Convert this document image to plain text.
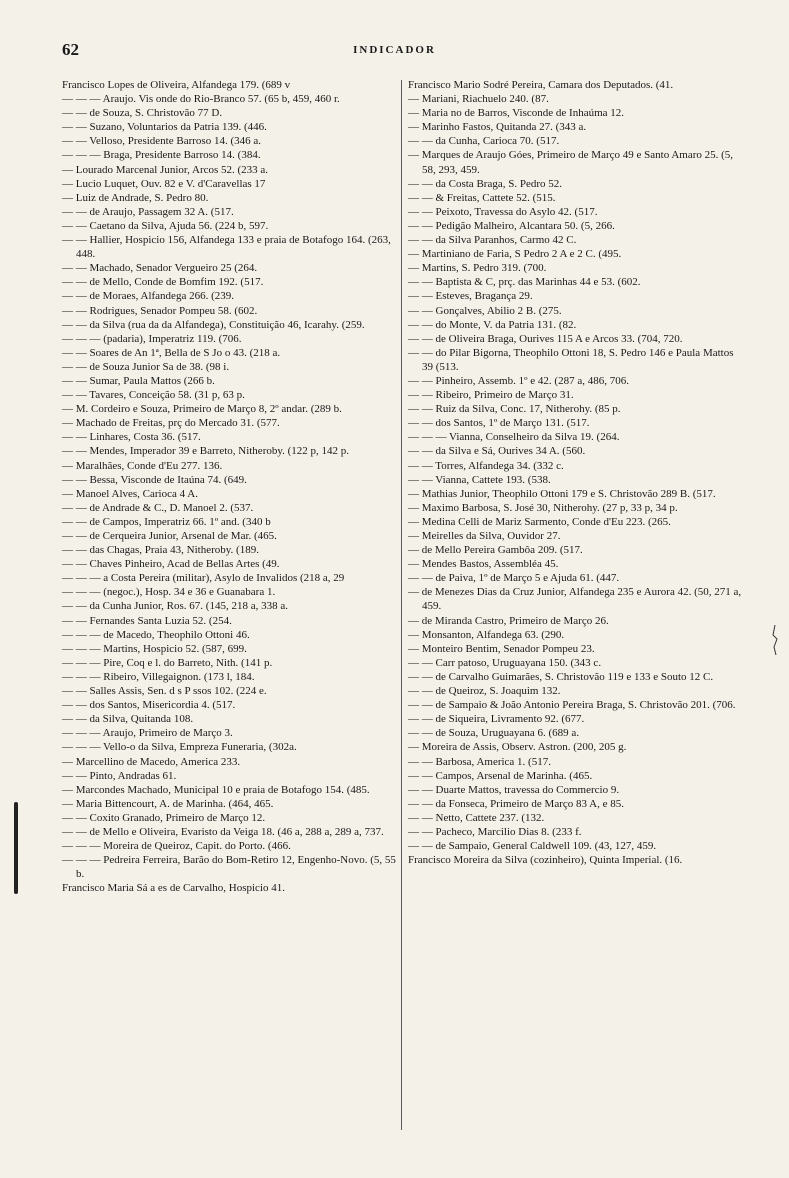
62	INDICADOR

Francisco Lopes de Oliveira, Alfandega 179. (689 v

— — — Araujo. Vis onde do Rio-Branco 57. (65 b, 459, 460 r.

— — de Souza, S. Christovão 77 D.

— — Suzano, Voluntarios da Patria 139. (446.

— — Velloso, Presidente Barroso 14. (346 a.

— — — Braga, Presidente Barroso 14. (384.

— Lourado Marcenal Junior, Arcos 52. (233 a.

— Lucio Luquet, Ouv. 82 e V. d'Caravellas 17

— Luiz de Andrade, S. Pedro 80.

— — de Araujo, Passagem 32 A. (517.

— — Caetano da Silva, Ajuda 56. (224 b, 597.

— — Hallier, Hospicio 156, Alfandega 133 e praia de Botafogo 164. (263, 448.

— — Machado, Senador Vergueiro 25 (264.

— — de Mello, Conde de Bomfim 192. (517.

— — de Moraes, Alfandega 266. (239.

— — Rodrigues, Senador Pompeu 58. (602.

— — da Silva (rua da da Alfandega), Constituição 46, Icarahy. (259.

— — — (padaria), Imperatriz 119. (706.

— — Soares de An 1ª, Bella de S Jo o 43. (218 a.

— — de Souza Junior Sa de 38. (98 i.

— — Sumar, Paula Mattos (266 b.

— — Tavares, Conceição 58. (31 p, 63 p.

— M. Cordeiro e Souza, Primeiro de Março 8, 2º andar. (289 b.

— Machado de Freitas, prç do Mercado 31. (577.

— — Linhares, Costa 36. (517.

— — Mendes, Imperador 39 e Barreto, Nitheroby. (122 p, 142 p.

— Maralhães, Conde d'Eu 277. 136.

— — Bessa, Visconde de Itaúna 74. (649.

— Manoel Alves, Carioca 4 A.

— — de Andrade & C., D. Manoel 2. (537.

— — de Campos, Imperatriz 66. 1º and. (340 b

— — de Cerqueira Junior, Arsenal de Mar. (465.

— — das Chagas, Praia 43, Nitheroby. (189.

— — Chaves Pinheiro, Acad de Bellas Artes (49.

— — — a Costa Pereira (militar), Asylo de Invalidos (218 a, 29

— — — (negoc.), Hosp. 34 e 36 e Guanabara 1.

— — da Cunha Junior, Ros. 67. (145, 218 a, 338 a.

— — Fernandes Santa Luzia 52. (254.

— — — de Macedo, Theophilo Ottoni 46.

— — — Martins, Hospicio 52. (587, 699.

— — — Pire, Coq e l. do Barreto, Nith. (141 p.

— — — Ribeiro, Villegaignon. (173 l, 184.

— — Salles Assis, Sen. d s P ssos 102. (224 e.

— — dos Santos, Misericordia 4. (517.

— — da Silva, Quitanda 108.

— — — Araujo, Primeiro de Março 3.

— — — Vello-o da Silva, Empreza Funeraria, (302a.

— Marcellino de Macedo, America 233.

— — Pinto, Andradas 61.

— Marcondes Machado, Municipal 10 e praia de Botafogo 154. (485.

— Maria Bittencourt, A. de Marinha. (464, 465.

— — Coxito Granado, Primeiro de Março 12.

— — de Mello e Oliveira, Evaristo da Veiga 18. (46 a, 288 a, 289 a, 737.

— — — Moreira de Queiroz, Capit. do Porto. (466.

— — — Pedreira Ferreira, Barão do Bom-Retiro 12, Engenho-Novo. (5, 55 b.

Francisco Maria Sá a es de Carvalho, Hospicio 41.

Francisco Mario Sodré Pereira, Camara dos Deputados. (41.

— Mariani, Riachuelo 240. (87.

— Maria no de Barros, Visconde de Inhaúma 12.

— Marinho Fastos, Quitanda 27. (343 a.

— — da Cunha, Carioca 70. (517.

— Marques de Araujo Góes, Primeiro de Março 49 e Santo Amaro 25. (5, 58, 293, 459.

— — da Costa Braga, S. Pedro 52.

— — & Freitas, Cattete 52. (515.

— — Peixoto, Travessa do Asylo 42. (517.

— — Pedigão Malheiro, Alcantara 50. (5, 266.

— — da Silva Paranhos, Carmo 42 C.

— Martiniano de Faria, S Pedro 2 A e 2 C. (495.

— Martins, S. Pedro 319. (700.

— — Baptista & C, prç. das Marinhas 44 e 53. (602.

— — Esteves, Bragança 29.

— — Gonçalves, Abilio 2 B. (275.

— — do Monte, V. da Patria 131. (82.

— — de Oliveira Braga, Ourives 115 A e Arcos 33. (704, 720.

— — do Pilar Bigorna, Theophilo Ottoni 18, S. Pedro 146 e Paula Mattos 39 (513.

— — Pinheiro, Assemb. 1º e 42. (287 a, 486, 706.

— — Ribeiro, Primeiro de Março 31.

— — Ruiz da Silva, Conc. 17, Nitherohy. (85 p.

— — dos Santos, 1º de Março 131. (517.

— — — Vianna, Conselheiro da Silva 19. (264.

— — da Silva e Sá, Ourives 34 A. (560.

— — Torres, Alfandega 34. (332 c.

— — Vianna, Cattete 193. (538.

— Mathias Junior, Theophilo Ottoni 179 e S. Christovão 289 B. (517.

— Maximo Barbosa, S. José 30, Nitherohy. (27 p, 33 p, 34 p.

— Medina Celli de Mariz Sarmento, Conde d'Eu 223. (265.

— Meirelles da Silva, Ouvidor 27.

— de Mello Pereira Gambôa 209. (517.

— Mendes Bastos, Assembléa 45.

— — de Paiva, 1º de Março 5 e Ajuda 61. (447.

— de Menezes Dias da Cruz Junior, Alfandega 235 e Aurora 42. (50, 271 a, 459.

— de Miranda Castro, Primeiro de Março 26.

— Monsanton, Alfandega 63. (290.

— Monteiro Bentim, Senador Pompeu 23.

— — Carr patoso, Uruguayana 150. (343 c.

— — de Carvalho Guimarães, S. Christovão 119 e 133 e Souto 12 C.

— — de Queiroz, S. Joaquim 132.

— — de Sampaio & João Antonio Pereira Braga, S. Christovão 201. (706.

— — de Siqueira, Livramento 92. (677.

— — de Souza, Uruguayana 6. (689 a.

— Moreira de Assis, Observ. Astron. (200, 205 g.

— — Barbosa, America 1. (517.

— — Campos, Arsenal de Marinha. (465.

— — Duarte Mattos, travessa do Commercio 9.

— — da Fonseca, Primeiro de Março 83 A, e 85.

— — Netto, Cattete 237. (132.

— — Pacheco, Marcilio Dias 8. (233 f.

— — de Sampaio, General Caldwell 109. (43, 127, 459.

Francisco Moreira da Silva (cozinheiro), Quinta Imperial. (16.
